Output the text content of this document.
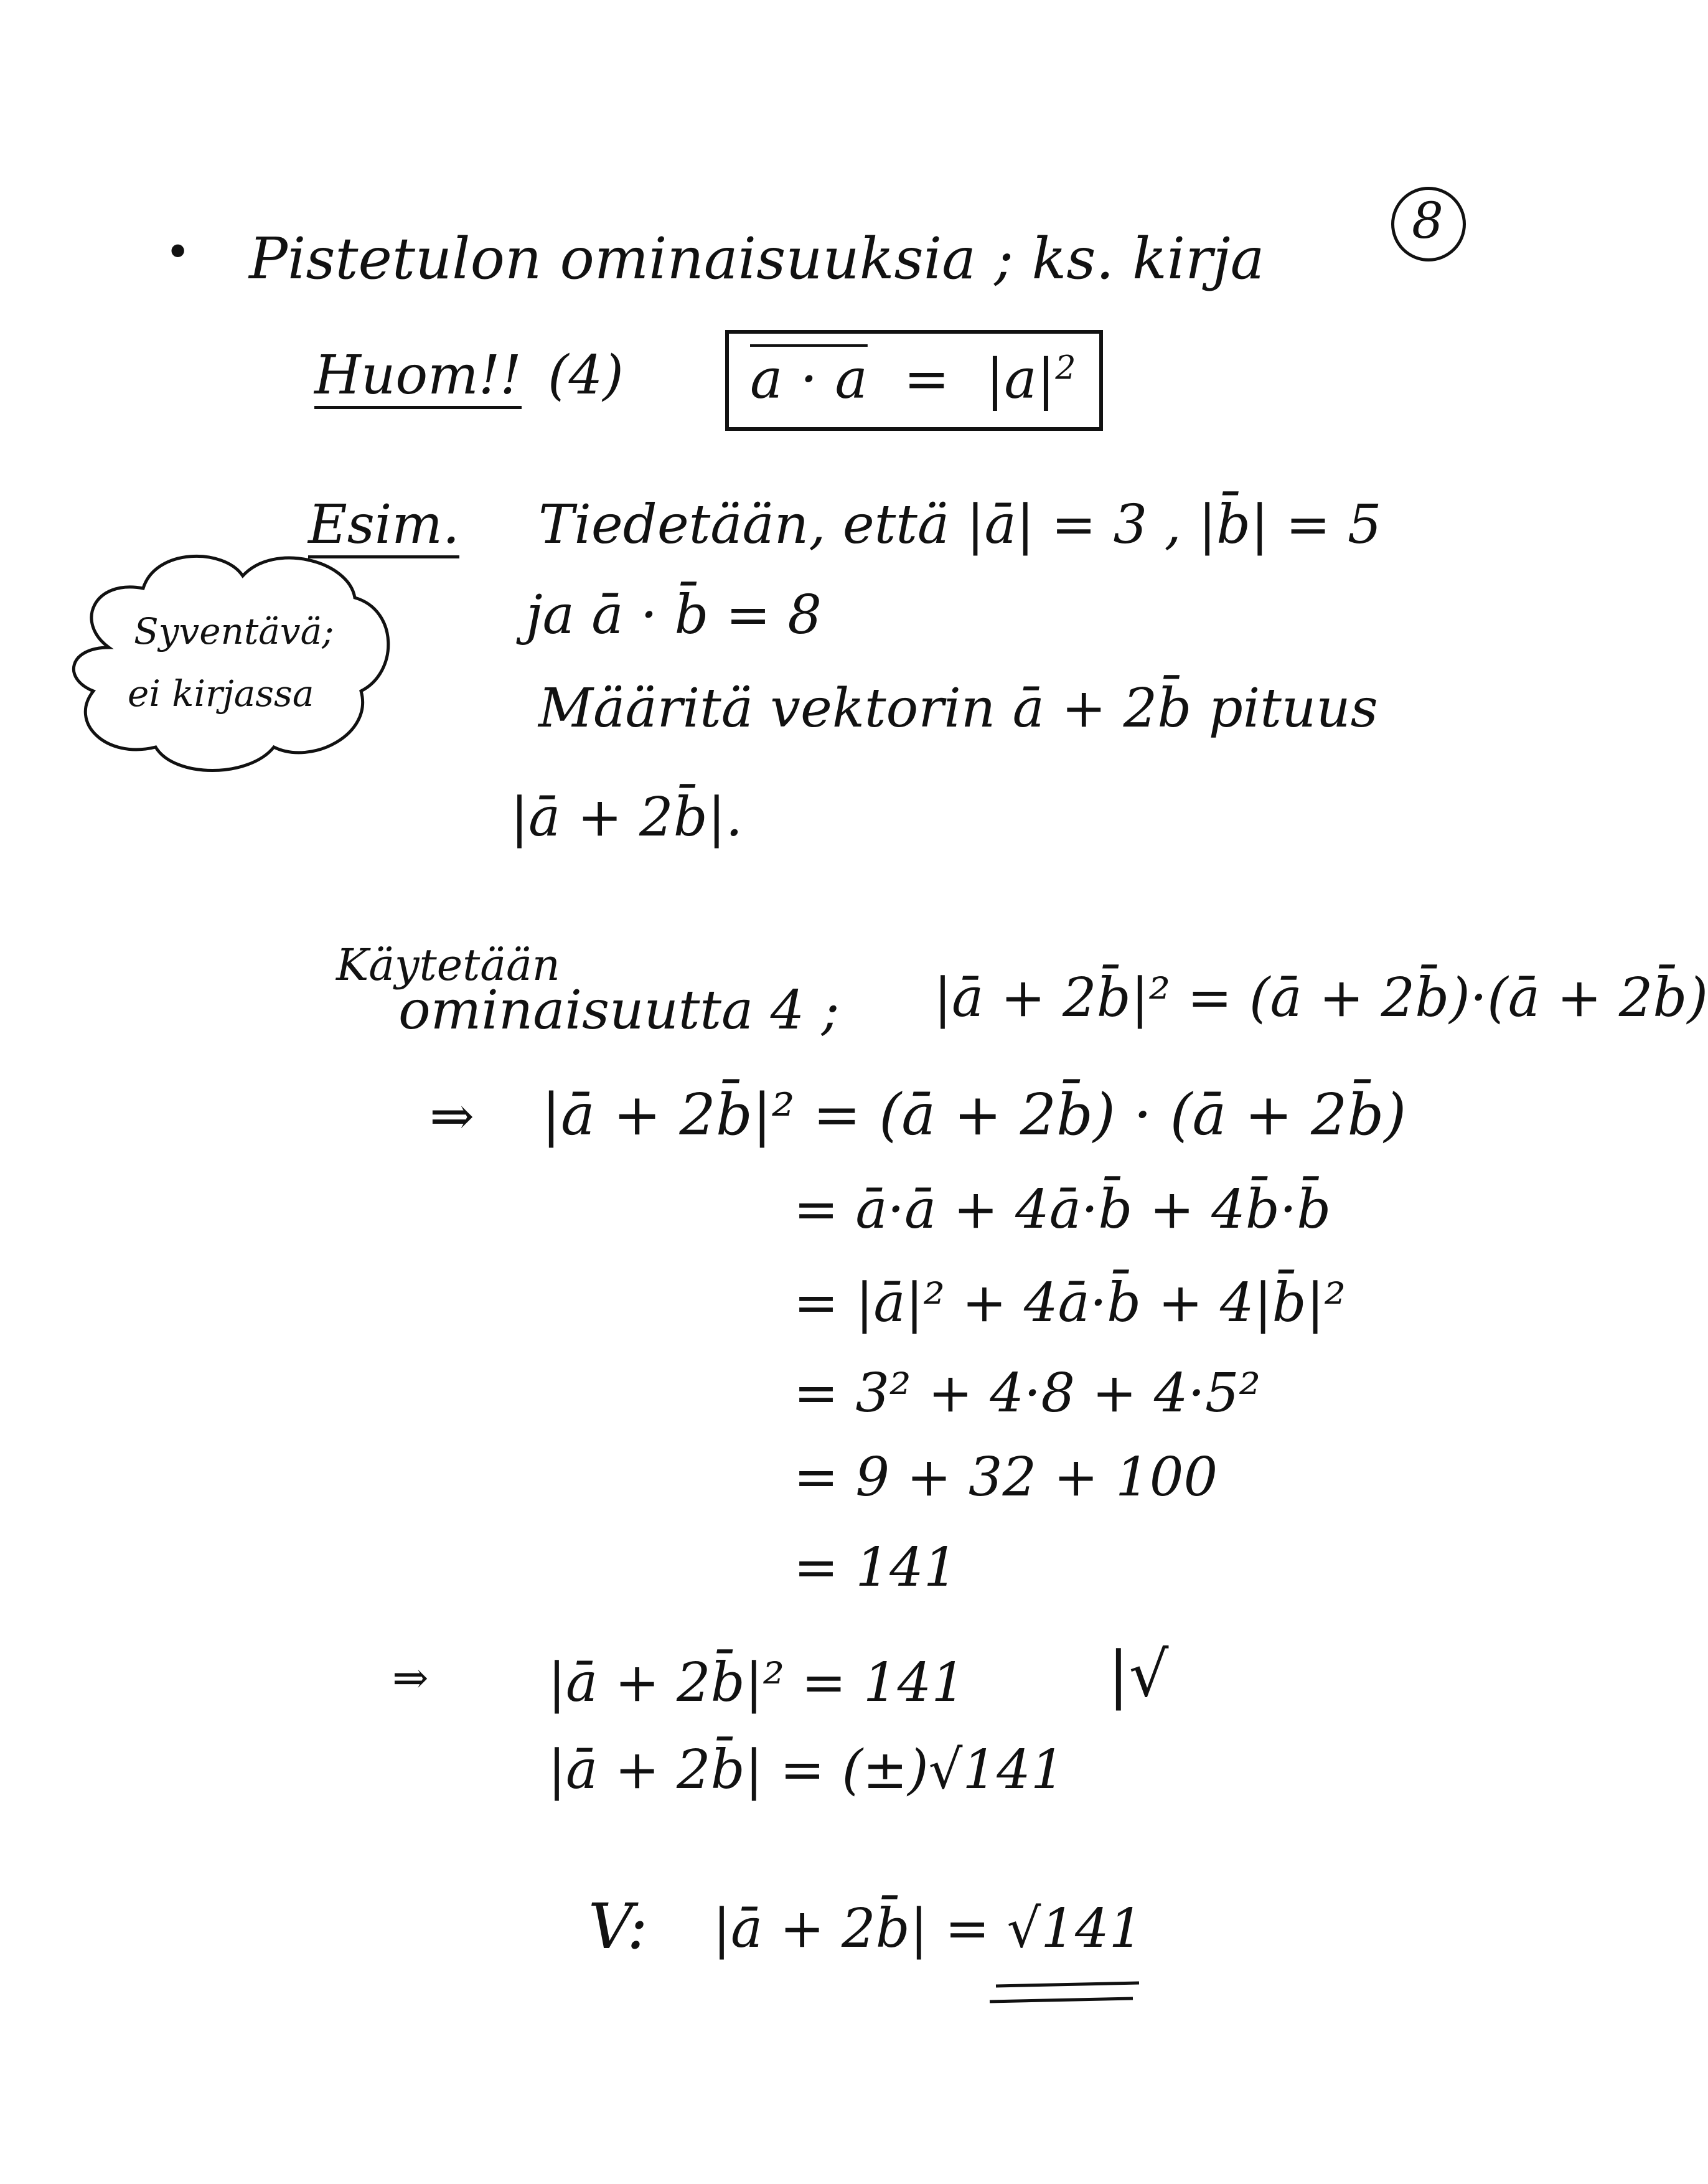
8
• Pistetulon ominaisuuksia ; ks. kirja
Huom!! (4) $a \cdot a = |a|^2$
Esim.
Syventävä;
ei kirjassa
Tiedetään, että |ā| = 3 , |b̄| = 5
ja ā · b̄ = 8
Määritä vektorin ā + 2b̄ pituus
|ā + 2b̄|.
Käytetään
ominaisuutta 4 ; |ā + 2b̄|² = (ā + 2b̄)·(ā + 2b̄)
⇒ |ā + 2b̄|² = (ā + 2b̄) · (ā + 2b̄)
= ā·ā + 4ā·b̄ + 4b̄·b̄
= |ā|² + 4ā·b̄ + 4|b̄|²
= 3² + 4·8 + 4·5²
= 9 + 32 + 100
= 141
⇒ |ā + 2b̄|² = 141 |√
|ā + 2b̄| = (±)√141
V: |ā + 2b̄| = √141
